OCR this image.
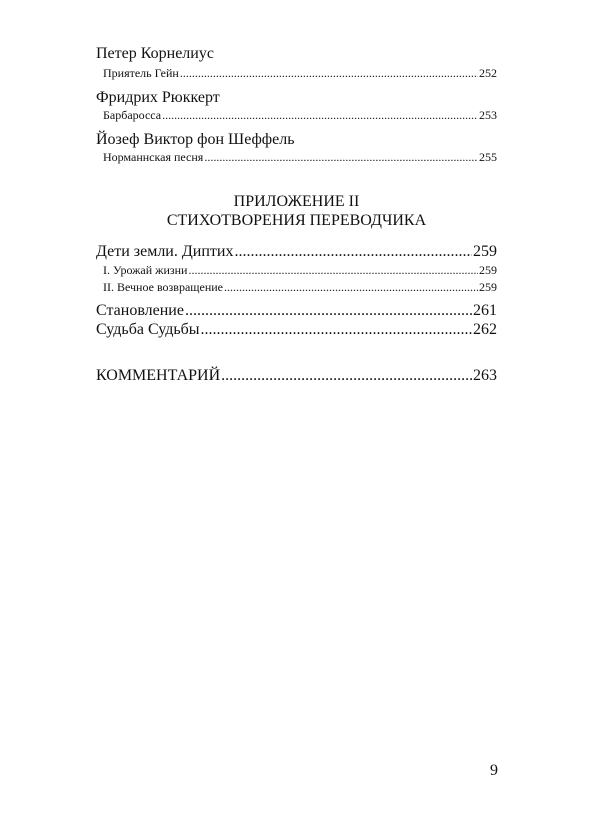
Петер Корнелиус
Приятель Гейн .....	252
Фридрих Рюккерт
Барбаросса .....	253
Йозеф Виктор фон Шеффель
Норманнская песня .....	255
ПРИЛОЖЕНИЕ II
СТИХОТВОРЕНИЯ ПЕРЕВОДЧИКА
Дети земли. Диптих .....	259
I. Урожай жизни .....	259
II. Вечное возвращение .....	259
Становление .....	261
Судьба Судьбы .....	262
КОММЕНТАРИЙ .....	263
9
